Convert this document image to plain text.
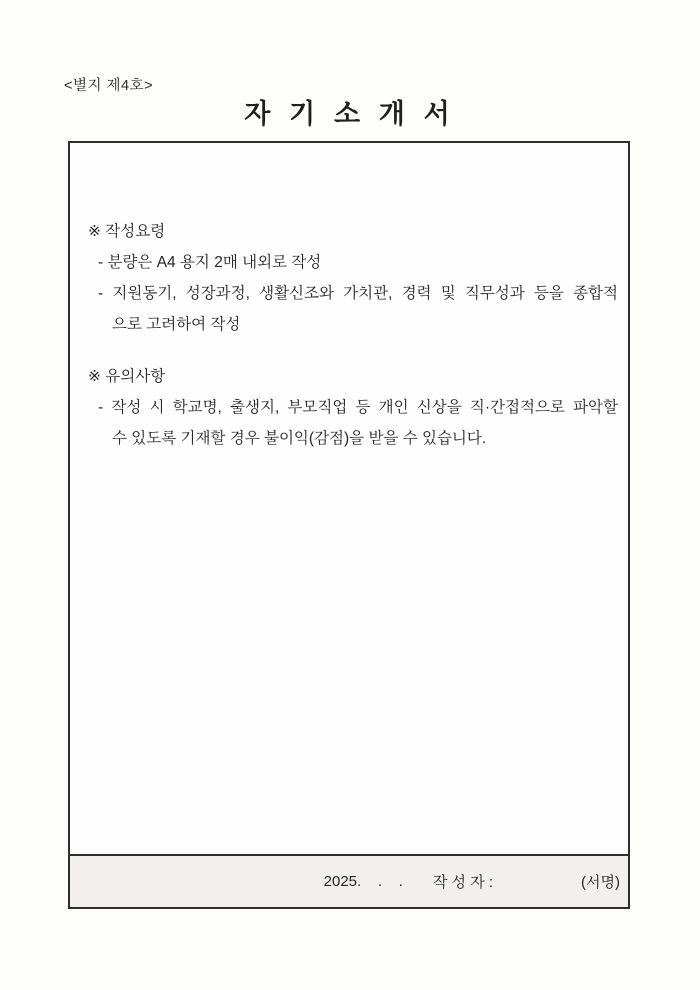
<별지 제4호>
자 기 소 개 서
※ 작성요령
- 분량은 A4 용지 2매 내외로 작성
- 지원동기, 성장과정, 생활신조와 가치관, 경력 및 직무성과 등을 종합적
으로 고려하여 작성
※ 유의사항
- 작성 시 학교명, 출생지, 부모직업 등 개인 신상을 직·간접적으로 파악할
수 있도록 기재할 경우 불이익(감점)을 받을 수 있습니다.
2025.    .    . 작 성 자 :	(서명)
